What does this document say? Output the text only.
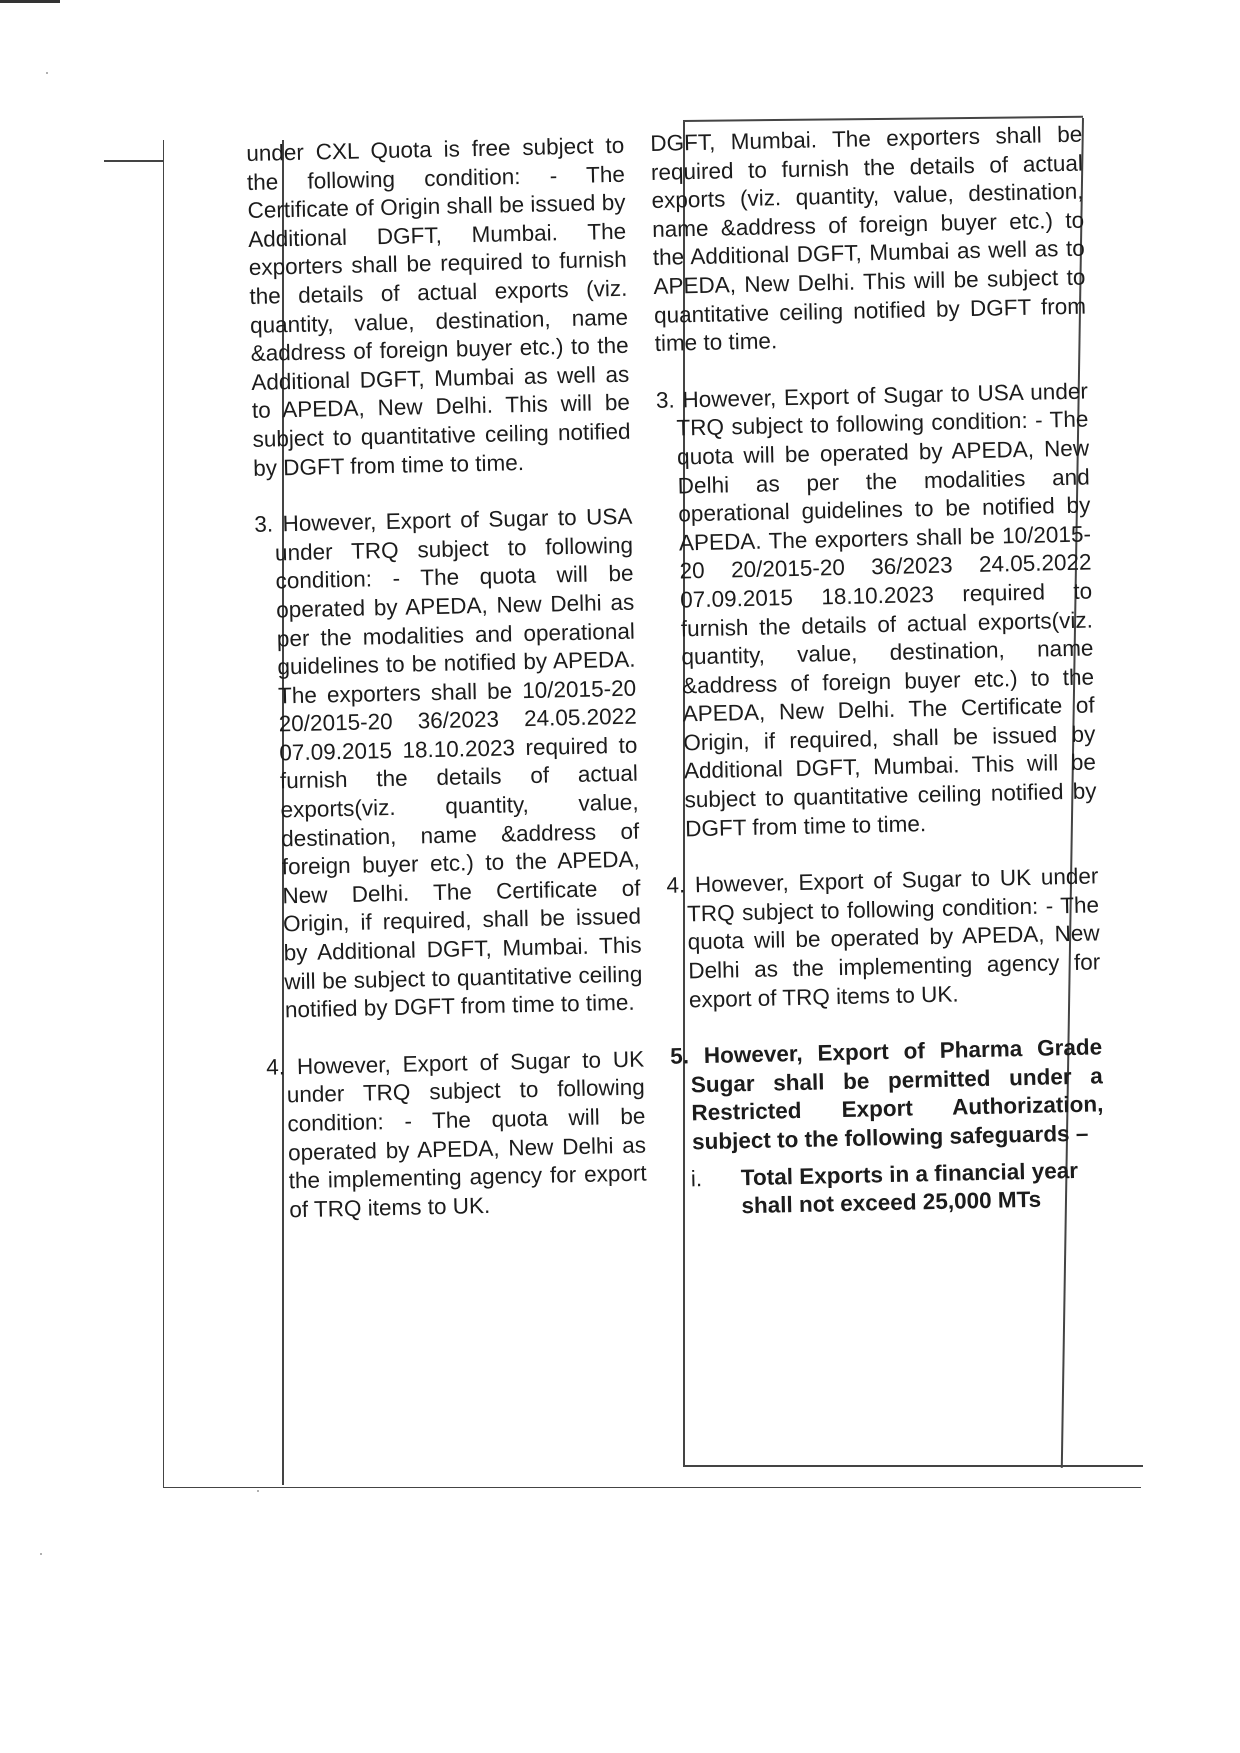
under CXL Quota is free subject to the following condition: - The Certificate of Origin shall be issued by Additional DGFT, Mumbai. The exporters shall be required to furnish the details of actual exports (viz. quantity, value, destination, name &address of foreign buyer etc.) to the Additional DGFT, Mumbai as well as to APEDA, New Delhi. This will be subject to quantitative ceiling notified by DGFT from time to time.

3. However, Export of Sugar to USA under TRQ subject to following condition: - The quota will be operated by APEDA, New Delhi as per the modalities and operational guidelines to be notified by APEDA. The exporters shall be 10/2015-20 20/2015-20 36/2023 24.05.2022 07.09.2015 18.10.2023 required to furnish the details of actual exports(viz. quantity, value, destination, name &address of foreign buyer etc.) to the APEDA, New Delhi. The Certificate of Origin, if required, shall be issued by Additional DGFT, Mumbai. This will be subject to quantitative ceiling notified by DGFT from time to time.

4. However, Export of Sugar to UK under TRQ subject to following condition: - The quota will be operated by APEDA, New Delhi as the implementing agency for export of TRQ items to UK.

DGFT, Mumbai. The exporters shall be required to furnish the details of actual exports (viz. quantity, value, destination, name &address of foreign buyer etc.) to the Additional DGFT, Mumbai as well as to APEDA, New Delhi. This will be subject to quantitative ceiling notified by DGFT from time to time.

3. However, Export of Sugar to USA under TRQ subject to following condition: - The quota will be operated by APEDA, New Delhi as per the modalities and operational guidelines to be notified by APEDA. The exporters shall be 10/2015-20 20/2015-20 36/2023 24.05.2022 07.09.2015 18.10.2023 required to furnish the details of actual exports(viz. quantity, value, destination, name &address of foreign buyer etc.) to the APEDA, New Delhi. The Certificate of Origin, if required, shall be issued by Additional DGFT, Mumbai. This will be subject to quantitative ceiling notified by DGFT from time to time.

4. However, Export of Sugar to UK under TRQ subject to following condition: - The quota will be operated by APEDA, New Delhi as the implementing agency for export of TRQ items to UK.

5. However, Export of Pharma Grade Sugar shall be permitted under a Restricted Export Authorization, subject to the following safeguards –
i.	Total Exports in a financial year shall not exceed 25,000 MTs
